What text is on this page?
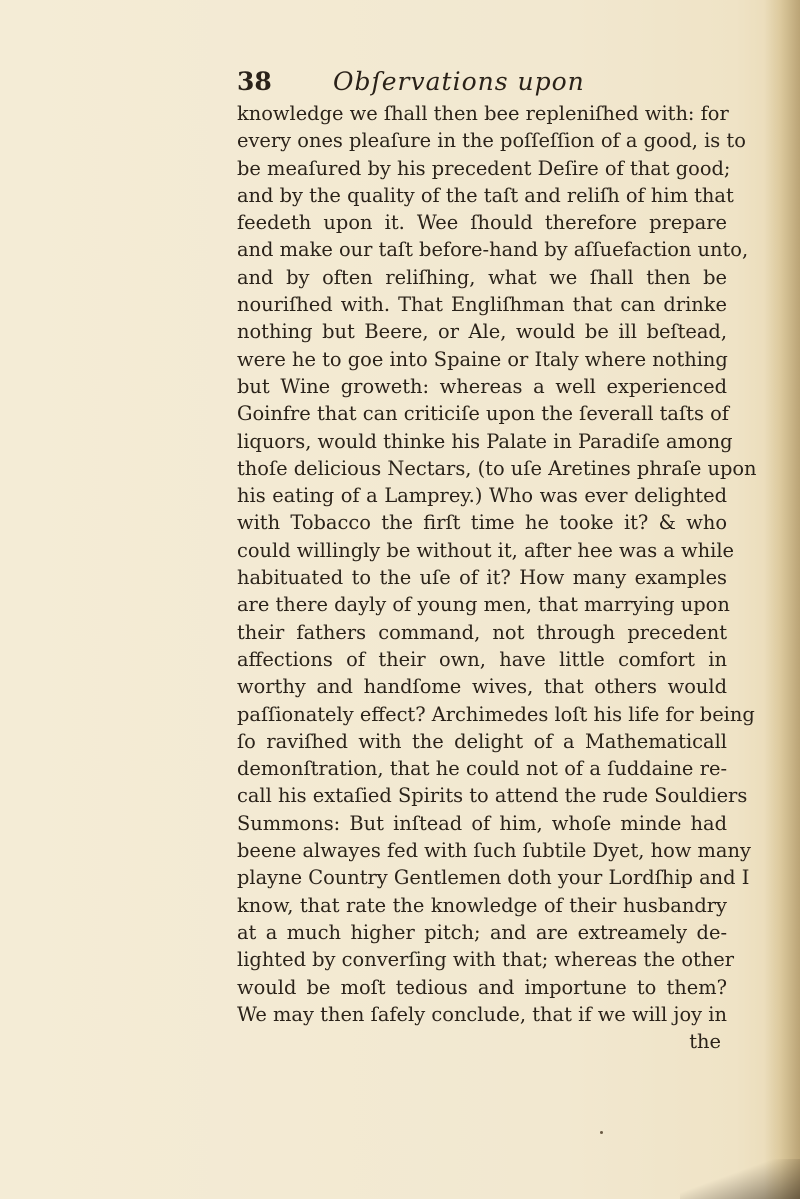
38 Obſervations upon
knowledge we ſhall then bee repleniſhed with: for
every ones pleaſure in the poſſeſſion of a good, is to
be meaſured by his precedent Deſire of that good;
and by the quality of the taſt and reliſh of him that
feedeth upon it. Wee ſhould therefore prepare
and make our taſt before-hand by aſſuefaction unto,
and by often reliſhing, what we ſhall then be
nouriſhed with. That Engliſhman that can drinke
nothing but Beere, or Ale, would be ill beſtead,
were he to goe into Spaine or Italy where nothing
but Wine groweth: whereas a well experienced
Goinfre that can criticiſe upon the ſeverall taſts of
liquors, would thinke his Palate in Paradiſe among
thoſe delicious Nectars, (to uſe Aretines phraſe upon
his eating of a Lamprey.) Who was ever delighted
with Tobacco the firſt time he tooke it? & who
could willingly be without it, after hee was a while
habituated to the uſe of it? How many examples
are there dayly of young men, that marrying upon
their fathers command, not through precedent
affections of their own, have little comfort in
worthy and handſome wives, that others would
paſſionately effect? Archimedes loſt his life for being
ſo raviſhed with the delight of a Mathematicall
demonſtration, that he could not of a ſuddaine re-
call his extaſied Spirits to attend the rude Souldiers
Summons: But inſtead of him, whoſe minde had
beene alwayes fed with ſuch ſubtile Dyet, how many
playne Country Gentlemen doth your Lordſhip and I
know, that rate the knowledge of their husbandry
at a much higher pitch; and are extreamely de-
lighted by converſing with that; whereas the other
would be moſt tedious and importune to them?
We may then ſafely conclude, that if we will joy in
the
